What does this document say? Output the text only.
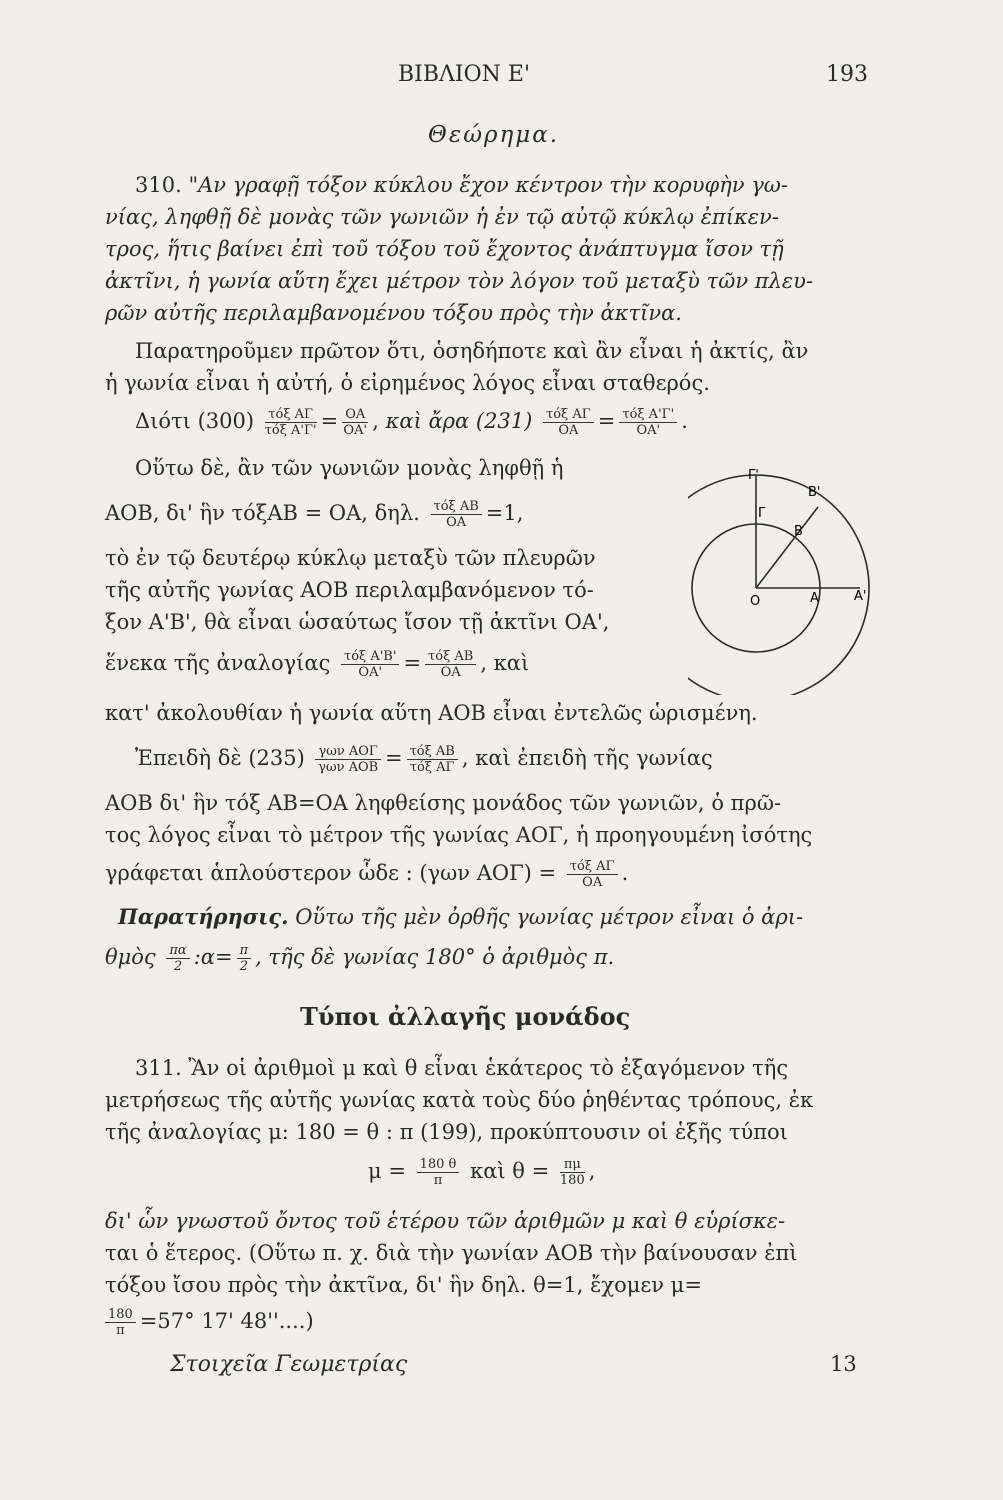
ΒΙΒΛΙΟΝ Ε'	193
Θεώρημα.
310. "Αν γραφῇ τόξον κύκλου ἔχον κέντρον τὴν κορυφὴν γω-
νίας, ληφθῇ δὲ μονὰς τῶν γωνιῶν ἡ ἐν τῷ αὐτῷ κύκλῳ ἐπίκεν-
τρος, ἥτις βαίνει ἐπὶ τοῦ τόξου τοῦ ἔχοντος ἀνάπτυγμα ἴσον τῇ
ἀκτῖνι, ἡ γωνία αὕτη ἔχει μέτρον τὸν λόγον τοῦ μεταξὺ τῶν πλευ-
ρῶν αὐτῆς περιλαμβανομένου τόξου πρὸς τὴν ἀκτῖνα.
Παρατηροῦμεν πρῶτον ὅτι, ὁσηδήποτε καὶ ἂν εἶναι ἡ ἀκτίς, ἂν
ἡ γωνία εἶναι ἡ αὐτή, ὁ εἰρημένος λόγος εἶναι σταθερός.
Διότι $(300) \frac{\text{τόξ ΑΓ}}{\text{τόξ Α'Γ'}} = \frac{OA}{OA'}$ , καὶ ἄρα $(231) \frac{\text{τόξ ΑΓ}}{OA} = \frac{\text{τόξ Α'Γ'}}{OA'}$ .
Οὕτω δὲ, ἂν τῶν γωνιῶν μονὰς ληφθῇ ἡ
ΑΟΒ, δι' ἣν τόξΑΒ = ΟΑ, δηλ. $\frac{\text{τόξ ΑΒ}}{OA} =1$,
τὸ ἐν τῷ δευτέρῳ κύκλῳ μεταξὺ τῶν πλευρῶν
τῆς αὐτῆς γωνίας ΑΟΒ περιλαμβανόμενον τό-
ξον Α'Β', θὰ εἶναι ὡσαύτως ἴσον τῇ ἀκτῖνι ΟΑ',
ἕνεκα τῆς ἀναλογίας $\frac{\text{τόξ Α'Β'}}{OA'} = \frac{\text{τόξ ΑΒ}}{OA}$ , καὶ
κατ' ἀκολουθίαν ἡ γωνία αὕτη ΑΟΒ εἶναι ἐντελῶς ὡρισμένη.
Ἐπειδὴ δὲ $(235) \frac{\text{γων ΑΟΓ}}{\text{γων ΑΟΒ}} = \frac{\text{τόξ ΑΒ}}{\text{τόξ ΑΓ}}$ , καὶ ἐπειδὴ τῆς γωνίας
ΑΟΒ δι' ἣν τόξ ΑΒ=ΟΑ ληφθείσης μονάδος τῶν γωνιῶν, ὁ πρῶ-
τος λόγος εἶναι τὸ μέτρον τῆς γωνίας ΑΟΓ, ἡ προηγουμένη ἰσότης
γράφεται ἁπλούστερον ὧδε : (γων $AO\Gamma) = \frac{\text{τόξ ΑΓ}}{OA}$ .
Παρατήρησις. Οὕτω τῆς μὲν ὀρθῆς γωνίας μέτρον εἶναι ὁ ἀρι-
θμὸς $\frac{\pi\alpha}{2}$ :α= $\frac{\pi}{2}$ , τῆς δὲ γωνίας 180° ὁ ἀριθμὸς π.
Τύποι ἀλλαγῆς μονάδος
311. Ἂν οἱ ἀριθμοὶ μ καὶ θ εἶναι ἑκάτερος τὸ ἐξαγόμενον τῆς
μετρήσεως τῆς αὐτῆς γωνίας κατὰ τοὺς δύο ῥηθέντας τρόπους, ἐκ
τῆς ἀναλογίας μ: 180 = θ : π (199), προκύπτουσιν οἱ ἑξῆς τύποι
$\mu = \frac{180 \theta}{\pi}$ καὶ $\theta = \frac{\pi\mu}{180}$ ,
δι' ὧν γνωστοῦ ὄντος τοῦ ἑτέρου τῶν ἀριθμῶν μ καὶ θ εὑρίσκε-
ται ὁ ἕτερος. (Οὕτω π. χ. διὰ τὴν γωνίαν ΑΟΒ τὴν βαίνουσαν ἐπὶ
τόξου ἴσου πρὸς τὴν ἀκτῖνα, δι' ἣν δηλ. θ=1, ἔχομεν μ=
$\frac{180}{\pi} =57^\circ$ 17' 48''....)
Στοιχεῖα Γεωμετρίας	13
Γ'
Β'
Γ
Β
Ο	Α	Α'
